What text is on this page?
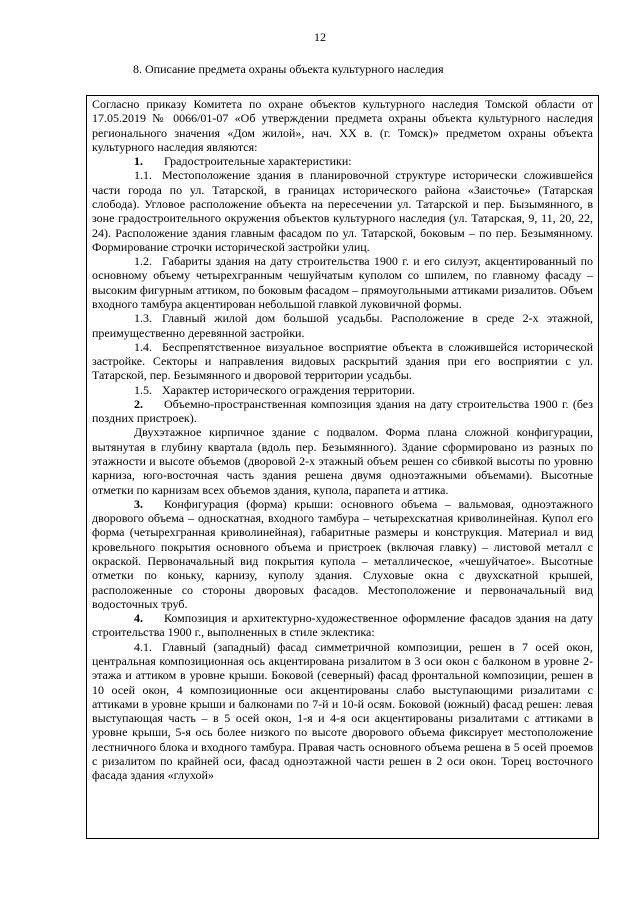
12
8. Описание предмета охраны объекта культурного наследия

Согласно приказу Комитета по охране объектов культурного наследия Томской области от 17.05.2019 № 0066/01-07 «Об утверждении предмета охраны объекта культурного наследия регионального значения «Дом жилой», нач. XX в. (г. Томск)» предметом охраны объекта культурного наследия являются:

1. Градостроительные характеристики:

1.1. Местоположение здания в планировочной структуре исторически сложившейся части города по ул. Татарской, в границах исторического района «Заисточье» (Татарская слобода). Угловое расположение объекта на пересечении ул. Татарской и пер. Бызымянного, в зоне градостроительного окружения объектов культурного наследия (ул. Татарская, 9, 11, 20, 22, 24). Расположение здания главным фасадом по ул. Татарской, боковым – по пер. Безымянному. Формирование строчки исторической застройки улиц.

1.2. Габариты здания на дату строительства 1900 г. и его силуэт, акцентированный по основному объему четырехгранным чешуйчатым куполом со шпилем, по главному фасаду – высоким фигурным аттиком, по боковым фасадом – прямоугольными аттиками ризалитов. Объем входного тамбура акцентирован небольшой главкой луковичной формы.

1.3. Главный жилой дом большой усадьбы. Расположение в среде 2-х этажной, преимущественно деревянной застройки.

1.4. Беспрепятственное визуальное восприятие объекта в сложившейся исторической застройке. Секторы и направления видовых раскрытий здания при его восприятии с ул. Татарской, пер. Безымянного и дворовой территории усадьбы.

1.5. Характер исторического ограждения территории.

2. Объемно-пространственная композиция здания на дату строительства 1900 г. (без поздних пристроек).

Двухэтажное кирпичное здание с подвалом. Форма плана сложной конфигурации, вытянутая в глубину квартала (вдоль пер. Безымянного). Здание сформировано из разных по этажности и высоте объемов (дворовой 2-х этажный объем решен со сбивкой высоты по уровню карниза, юго-восточная часть здания решена двумя одноэтажными объемами). Высотные отметки по карнизам всех объемов здания, купола, парапета и аттика.

3. Конфигурация (форма) крыши: основного объема – вальмовая, одноэтажного дворового объема – односкатная, входного тамбура – четырехскатная криволинейная. Купол его форма (четырехгранная криволинейная), габаритные размеры и конструкция. Материал и вид кровельного покрытия основного объема и пристроек (включая главку) – листовой металл с окраской. Первоначальный вид покрытия купола – металлическое, «чешуйчатое». Высотные отметки по коньку, карнизу, куполу здания. Слуховые окна с двухскатной крышей, расположенные со стороны дворовых фасадов. Местоположение и первоначальный вид водосточных труб.

4. Композиция и архитектурно-художественное оформление фасадов здания на дату строительства 1900 г., выполненных в стиле эклектика:

4.1. Главный (западный) фасад симметричной композиции, решен в 7 осей окон, центральная композиционная ось акцентирована ризалитом в 3 оси окон с балконом в уровне 2-этажа и аттиком в уровне крыши. Боковой (северный) фасад фронтальной композиции, решен в 10 осей окон, 4 композиционные оси акцентированы слабо выступающими ризалитами с аттиками в уровне крыши и балконами по 7-й и 10-й осям. Боковой (южный) фасад решен: левая выступающая часть – в 5 осей окон, 1-я и 4-я оси акцентированы ризалитами с аттиками в уровне крыши, 5-я ось более низкого по высоте дворового объема фиксирует местоположение лестничного блока и входного тамбура. Правая часть основного объема решена в 5 осей проемов с ризалитом по крайней оси, фасад одноэтажной части решен в 2 оси окон. Торец восточного фасада здания «глухой»
